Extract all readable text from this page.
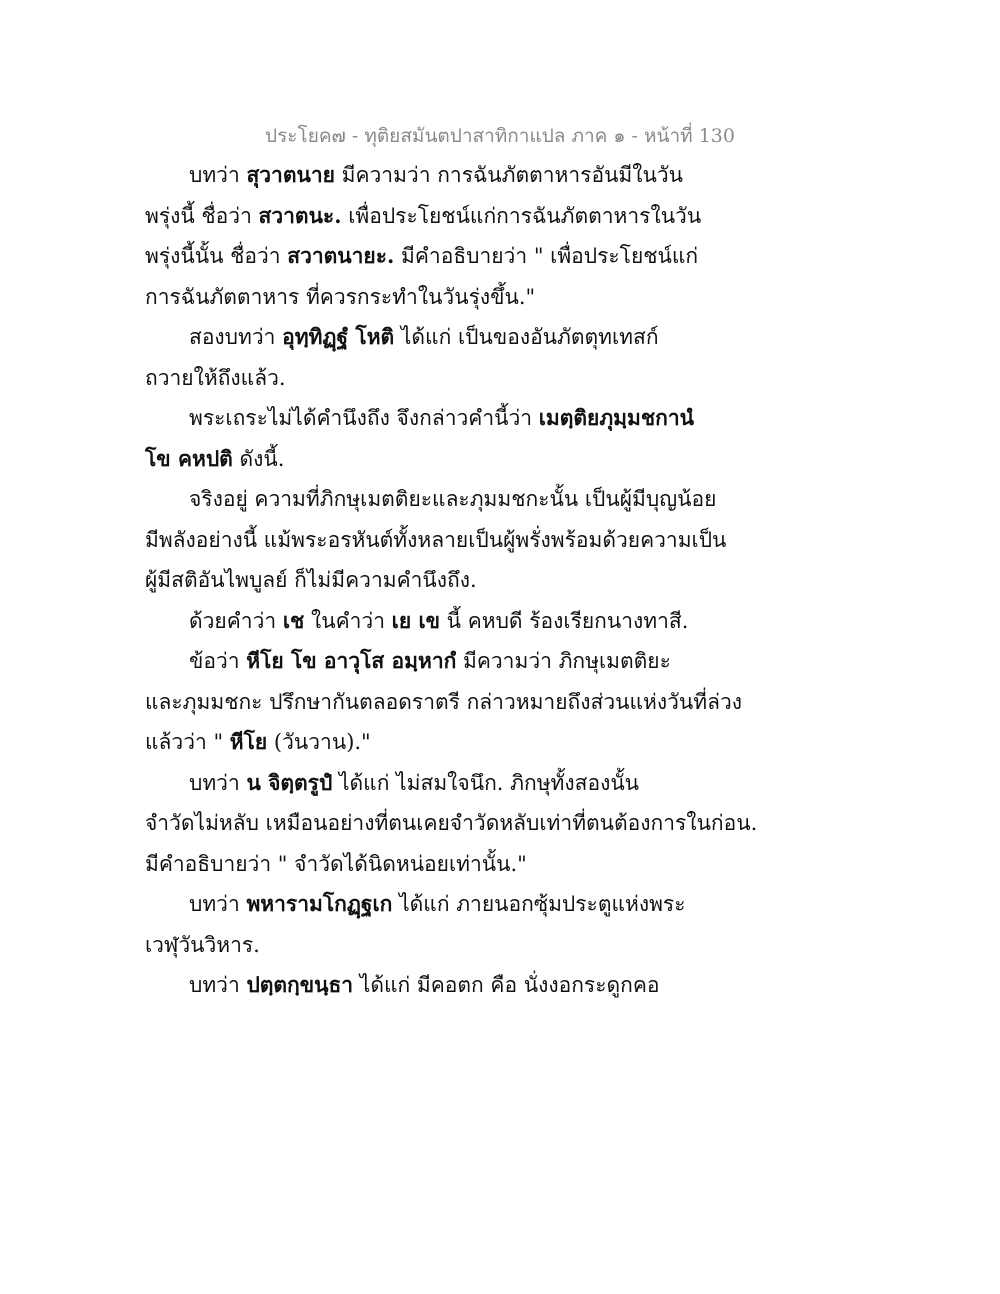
ประโยค๗ - ทุติยสมันตปาสาทิกาแปล ภาค ๑ - หน้าที่ 130
บทว่า สุวาตนาย มีความว่า การฉันภัตตาหารอันมีในวัน
พรุ่งนี้ ชื่อว่า สวาตนะ. เพื่อประโยชน์แก่การฉันภัตตาหารในวัน
พรุ่งนี้นั้น ชื่อว่า สวาตนายะ. มีคำอธิบายว่า " เพื่อประโยชน์แก่
การฉันภัตตาหาร ที่ควรกระทำในวันรุ่งขึ้น."
สองบทว่า อุทฺทิฏฺฐํ โหติ ได้แก่ เป็นของอันภัตตุทเทสก์
ถวายให้ถึงแล้ว.
พระเถระไม่ได้คำนึงถึง จึงกล่าวคำนี้ว่า เมตฺติยภุมฺมชกานํ
โข คหปติ ดังนี้.
จริงอยู่ ความที่ภิกษุเมตติยะและภุมมชกะนั้น เป็นผู้มีบุญน้อย
มีพลังอย่างนี้ แม้พระอรหันต์ทั้งหลายเป็นผู้พรั่งพร้อมด้วยความเป็น
ผู้มีสติอันไพบูลย์ ก็ไม่มีความคำนึงถึง.
ด้วยคำว่า เช ในคำว่า เย เข นี้ คหบดี ร้องเรียกนางทาสี.
ข้อว่า หีโย โข อาวุโส อมฺหากํ มีความว่า ภิกษุเมตติยะ
และภุมมชกะ ปรึกษากันตลอดราตรี กล่าวหมายถึงส่วนแห่งวันที่ล่วง
แล้วว่า " หีโย (วันวาน)."
บทว่า น จิตฺตรูปํ ได้แก่ ไม่สมใจนึก. ภิกษุทั้งสองนั้น
จำวัดไม่หลับ เหมือนอย่างที่ตนเคยจำวัดหลับเท่าที่ตนต้องการในก่อน.
มีคำอธิบายว่า " จำวัดได้นิดหน่อยเท่านั้น."
บทว่า พหารามโกฏฺฐเก ได้แก่ ภายนอกซุ้มประตูแห่งพระ
เวฬุวันวิหาร.
บทว่า ปตฺตกฺขนฺธา ได้แก่ มีคอตก คือ นั่งงอกระดูกคอ
